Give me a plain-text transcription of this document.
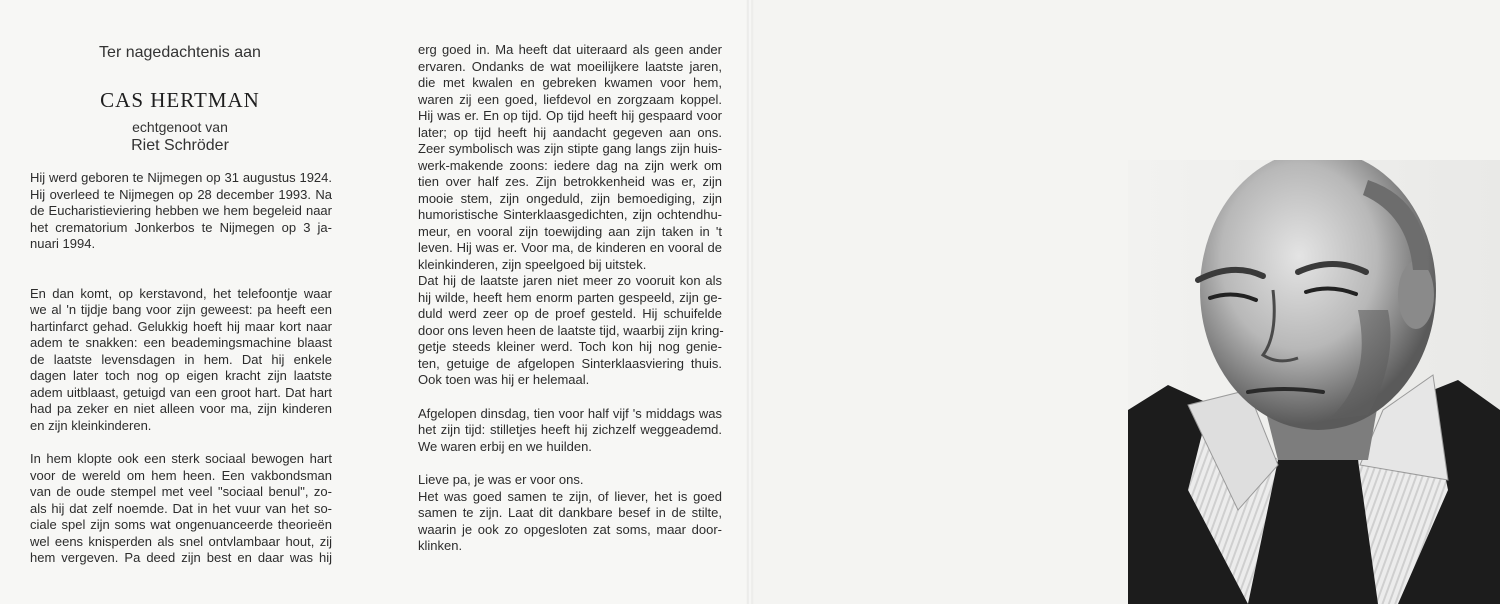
Ter nagedachtenis aan
CAS HERTMAN
echtgenoot van
Riet Schröder

Hij werd geboren te Nijmegen op 31 augustus 1924.
Hij overleed te Nijmegen op 28 december 1993. Na
de Eucharistieviering hebben we hem begeleid naar
het crematorium Jonkerbos te Nijmegen op 3 ja-
nuari 1994.

En dan komt, op kerstavond, het telefoontje waar
we al 'n tijdje bang voor zijn geweest: pa heeft een
hartinfarct gehad. Gelukkig hoeft hij maar kort naar
adem te snakken: een beademingsmachine blaast
de laatste levensdagen in hem. Dat hij enkele
dagen later toch nog op eigen kracht zijn laatste
adem uitblaast, getuigd van een groot hart. Dat hart
had pa zeker en niet alleen voor ma, zijn kinderen
en zijn kleinkinderen.

In hem klopte ook een sterk sociaal bewogen hart
voor de wereld om hem heen. Een vakbondsman
van de oude stempel met veel "sociaal benul", zo-
als hij dat zelf noemde. Dat in het vuur van het so-
ciale spel zijn soms wat ongenuanceerde theorieën
wel eens knisperden als snel ontvlambaar hout, zij
hem vergeven. Pa deed zijn best en daar was hij

erg goed in. Ma heeft dat uiteraard als geen ander
ervaren. Ondanks de wat moeilijkere laatste jaren,
die met kwalen en gebreken kwamen voor hem,
waren zij een goed, liefdevol en zorgzaam koppel.
Hij was er. En op tijd. Op tijd heeft hij gespaard voor
later; op tijd heeft hij aandacht gegeven aan ons.
Zeer symbolisch was zijn stipte gang langs zijn huis-
werk-makende zoons: iedere dag na zijn werk om
tien over half zes. Zijn betrokkenheid was er, zijn
mooie stem, zijn ongeduld, zijn bemoediging, zijn
humoristische Sinterklaasgedichten, zijn ochtendhu-
meur, en vooral zijn toewijding aan zijn taken in 't
leven. Hij was er. Voor ma, de kinderen en vooral de
kleinkinderen, zijn speelgoed bij uitstek.

Dat hij de laatste jaren niet meer zo vooruit kon als
hij wilde, heeft hem enorm parten gespeeld, zijn ge-
duld werd zeer op de proef gesteld. Hij schuifelde
door ons leven heen de laatste tijd, waarbij zijn kring-
getje steeds kleiner werd. Toch kon hij nog genie-
ten, getuige de afgelopen Sinterklaasviering thuis.
Ook toen was hij er helemaal.

Afgelopen dinsdag, tien voor half vijf 's middags was
het zijn tijd: stilletjes heeft hij zichzelf weggeademd.
We waren erbij en we huilden.

Lieve pa, je was er voor ons.
Het was goed samen te zijn, of liever, het is goed
samen te zijn. Laat dit dankbare besef in de stilte,
waarin je ook zo opgesloten zat soms, maar door-
klinken.
